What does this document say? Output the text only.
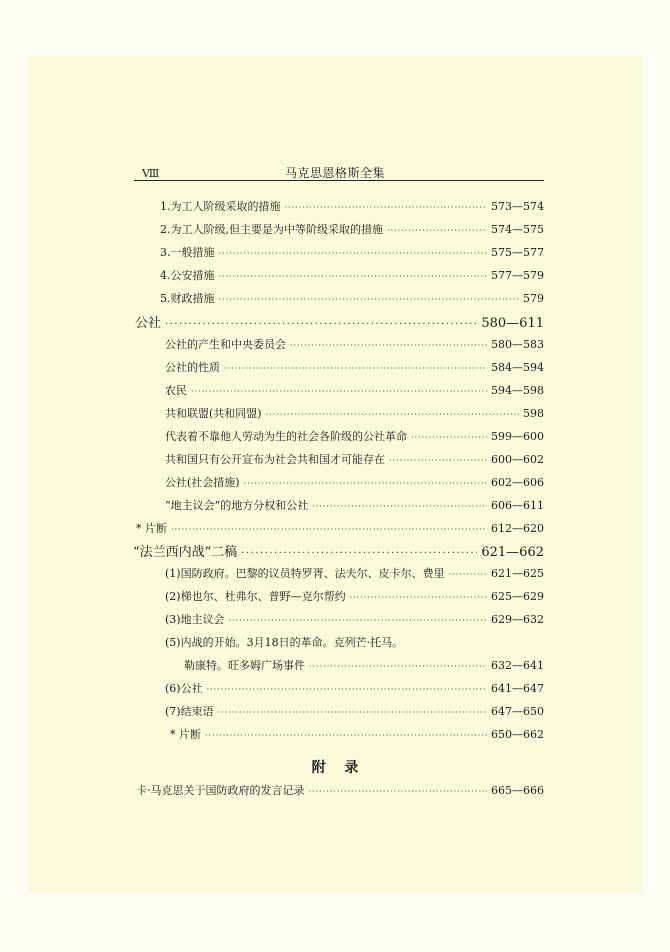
Ⅷ	马克思恩格斯全集
1.为工人阶级采取的措施 ·····	573—574
2.为工人阶级,但主要是为中等阶级采取的措施 ·····	574—575
3.一般措施 ·····	575—577
4.公安措施 ·····	577—579
5.财政措施 ·····	579
公社 ·····	580—611
公社的产生和中央委员会 ·····	580—583
公社的性质 ·····	584—594
农民 ·····	594—598
共和联盟(共和同盟) ·····	598
代表着不靠他人劳动为生的社会各阶级的公社革命 ·····	599—600
共和国只有公开宣布为社会共和国才可能存在 ·····	600—602
公社(社会措施) ·····	602—606
“地主议会”的地方分权和公社 ·····	606—611
* 片断 ·····	612—620
“法兰西内战”二稿 ·····	621—662
(1)国防政府。巴黎的议员特罗胥、法夫尔、皮卡尔、费里 ·····	621—625
(2)梯也尔、杜弗尔、普野—克尔帮约 ·····	625—629
(3)地主议会 ·····	629—632
(5)内战的开始。3月18日的革命。克列芒·托马。
勒康特。旺多姆广场事件 ·····	632—641
(6)公社 ·····	641—647
(7)结束语 ·····	647—650
* 片断 ·····	650—662
附 录
卡·马克思关于国防政府的发言记录 ·····	665—666
